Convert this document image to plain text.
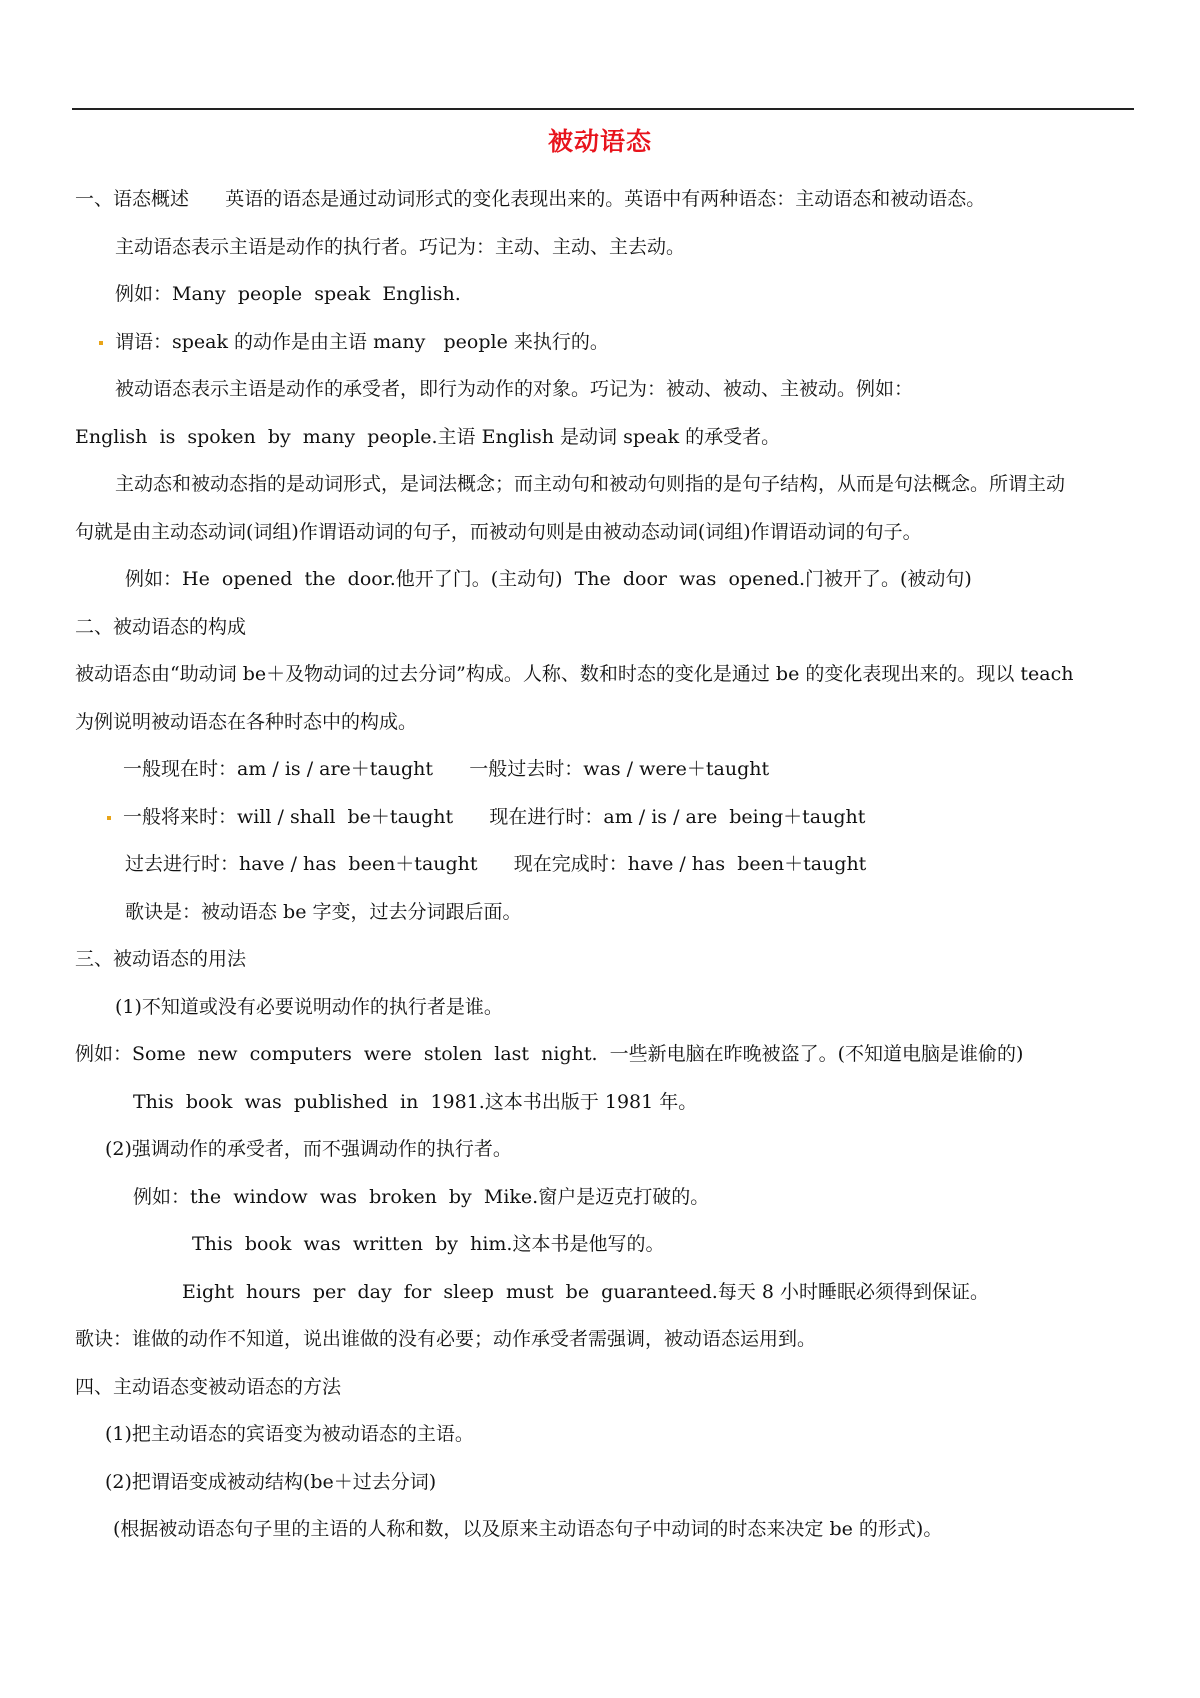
被动语态
一、语态概述      英语的语态是通过动词形式的变化表现出来的。英语中有两种语态：主动语态和被动语态。
主动语态表示主语是动作的执行者。巧记为：主动、主动、主去动。
例如：Many  people  speak  English.
谓语：speak 的动作是由主语 many   people 来执行的。
被动语态表示主语是动作的承受者，即行为动作的对象。巧记为：被动、被动、主被动。例如：
English  is  spoken  by  many  people.主语 English 是动词 speak 的承受者。
主动态和被动态指的是动词形式，是词法概念；而主动句和被动句则指的是句子结构，从而是句法概念。所谓主动
句就是由主动态动词(词组)作谓语动词的句子，而被动句则是由被动态动词(词组)作谓语动词的句子。
例如：He  opened  the  door.他开了门。(主动句)  The  door  was  opened.门被开了。(被动句)
二、被动语态的构成
被动语态由“助动词 be＋及物动词的过去分词”构成。人称、数和时态的变化是通过 be 的变化表现出来的。现以 teach
为例说明被动语态在各种时态中的构成。
一般现在时：am / is / are＋taught      一般过去时：was / were＋taught
一般将来时：will / shall  be＋taught      现在进行时：am / is / are  being＋taught
过去进行时：have / has  been＋taught      现在完成时：have / has  been＋taught
歌诀是：被动语态 be 字变，过去分词跟后面。
三、被动语态的用法
(1)不知道或没有必要说明动作的执行者是谁。
例如：Some  new  computers  were  stolen  last  night.  一些新电脑在昨晚被盗了。(不知道电脑是谁偷的)
This  book  was  published  in  1981.这本书出版于 1981 年。
(2)强调动作的承受者，而不强调动作的执行者。
例如：the  window  was  broken  by  Mike.窗户是迈克打破的。
This  book  was  written  by  him.这本书是他写的。
Eight  hours  per  day  for  sleep  must  be  guaranteed.每天 8 小时睡眠必须得到保证。
歌诀：谁做的动作不知道，说出谁做的没有必要；动作承受者需强调，被动语态运用到。
四、主动语态变被动语态的方法
(1)把主动语态的宾语变为被动语态的主语。
(2)把谓语变成被动结构(be＋过去分词)
(根据被动语态句子里的主语的人称和数，以及原来主动语态句子中动词的时态来决定 be 的形式)。
